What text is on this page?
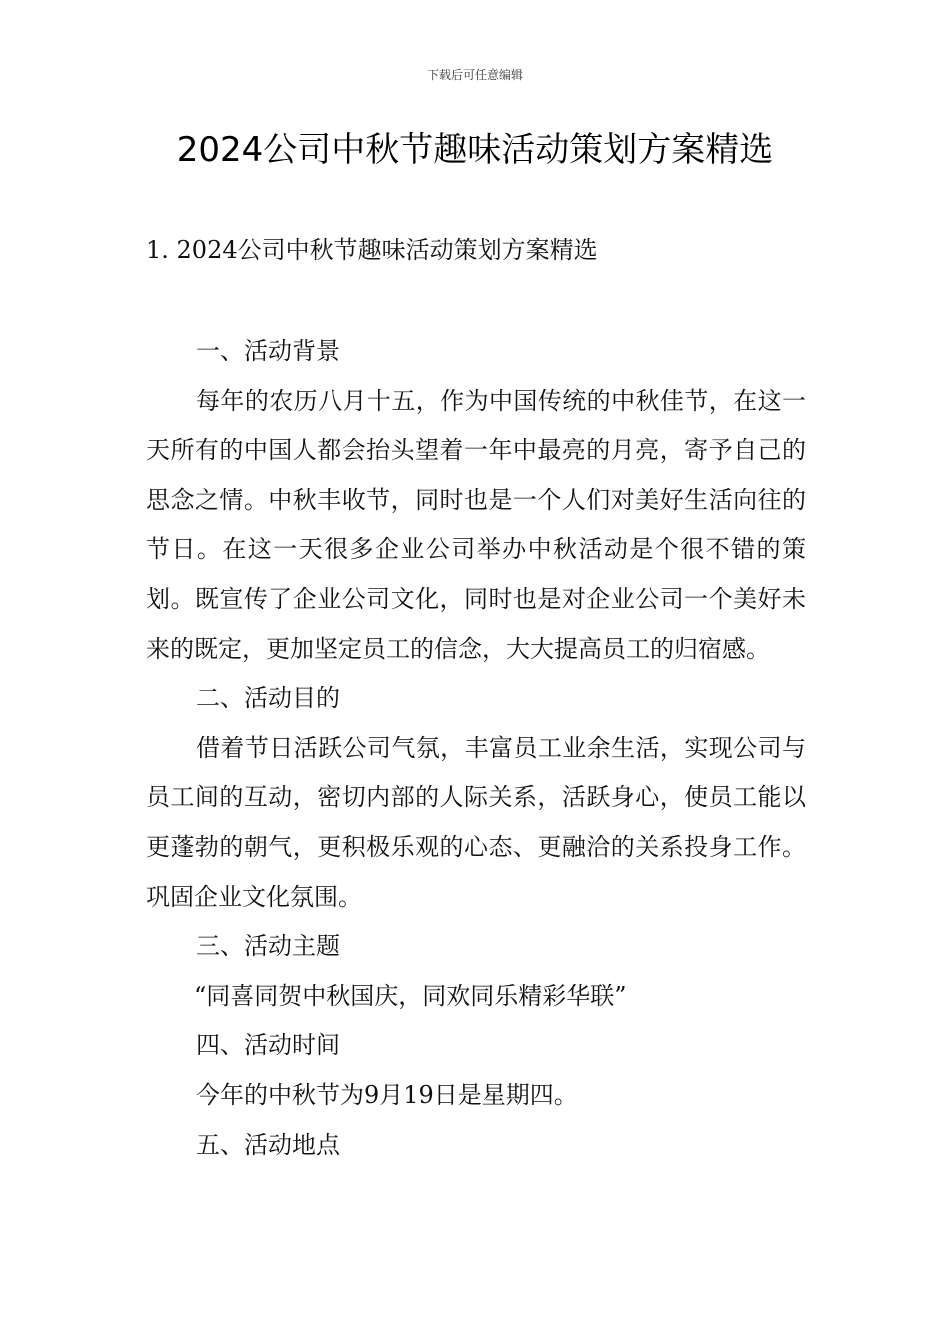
下载后可任意编辑
2024公司中秋节趣味活动策划方案精选
1. 2024公司中秋节趣味活动策划方案精选
一、活动背景
每年的农历八月十五，作为中国传统的中秋佳节，在这一天所有的中国人都会抬头望着一年中最亮的月亮，寄予自己的思念之情。中秋丰收节，同时也是一个人们对美好生活向往的节日。在这一天很多企业公司举办中秋活动是个很不错的策划。既宣传了企业公司文化，同时也是对企业公司一个美好未来的既定，更加坚定员工的信念，大大提高员工的归宿感。
二、活动目的
借着节日活跃公司气氛，丰富员工业余生活，实现公司与员工间的互动，密切内部的人际关系，活跃身心，使员工能以更蓬勃的朝气，更积极乐观的心态、更融洽的关系投身工作。巩固企业文化氛围。
三、活动主题
“同喜同贺中秋国庆，同欢同乐精彩华联”
四、活动时间
今年的中秋节为9月19日是星期四。
五、活动地点
